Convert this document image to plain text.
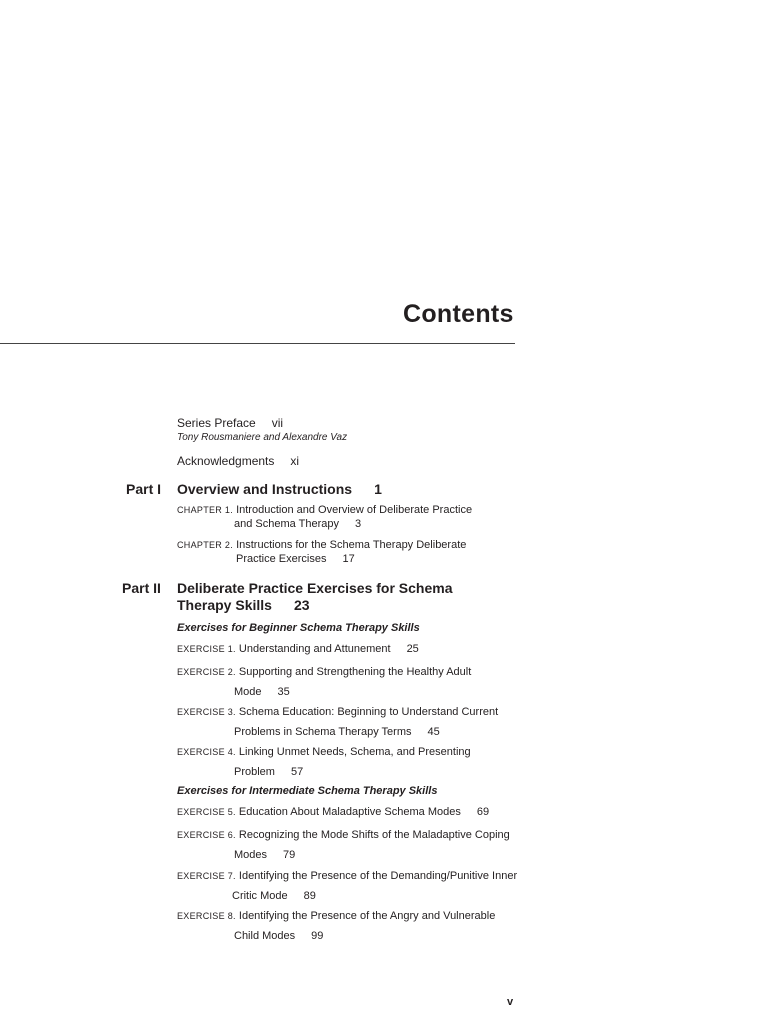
Contents
Series Preface vii
Tony Rousmaniere and Alexandre Vaz
Acknowledgments xi
Part I Overview and Instructions 1
CHAPTER 1. Introduction and Overview of Deliberate Practice
and Schema Therapy 3
CHAPTER 2. Instructions for the Schema Therapy Deliberate
Practice Exercises 17
Part II Deliberate Practice Exercises for Schema
Therapy Skills 23
Exercises for Beginner Schema Therapy Skills
EXERCISE 1. Understanding and Attunement 25
EXERCISE 2. Supporting and Strengthening the Healthy Adult
Mode 35
EXERCISE 3. Schema Education: Beginning to Understand Current
Problems in Schema Therapy Terms 45
EXERCISE 4. Linking Unmet Needs, Schema, and Presenting
Problem 57
Exercises for Intermediate Schema Therapy Skills
EXERCISE 5. Education About Maladaptive Schema Modes 69
EXERCISE 6. Recognizing the Mode Shifts of the Maladaptive Coping
Modes 79
EXERCISE 7. Identifying the Presence of the Demanding/Punitive Inner
Critic Mode 89
EXERCISE 8. Identifying the Presence of the Angry and Vulnerable
Child Modes 99
v
